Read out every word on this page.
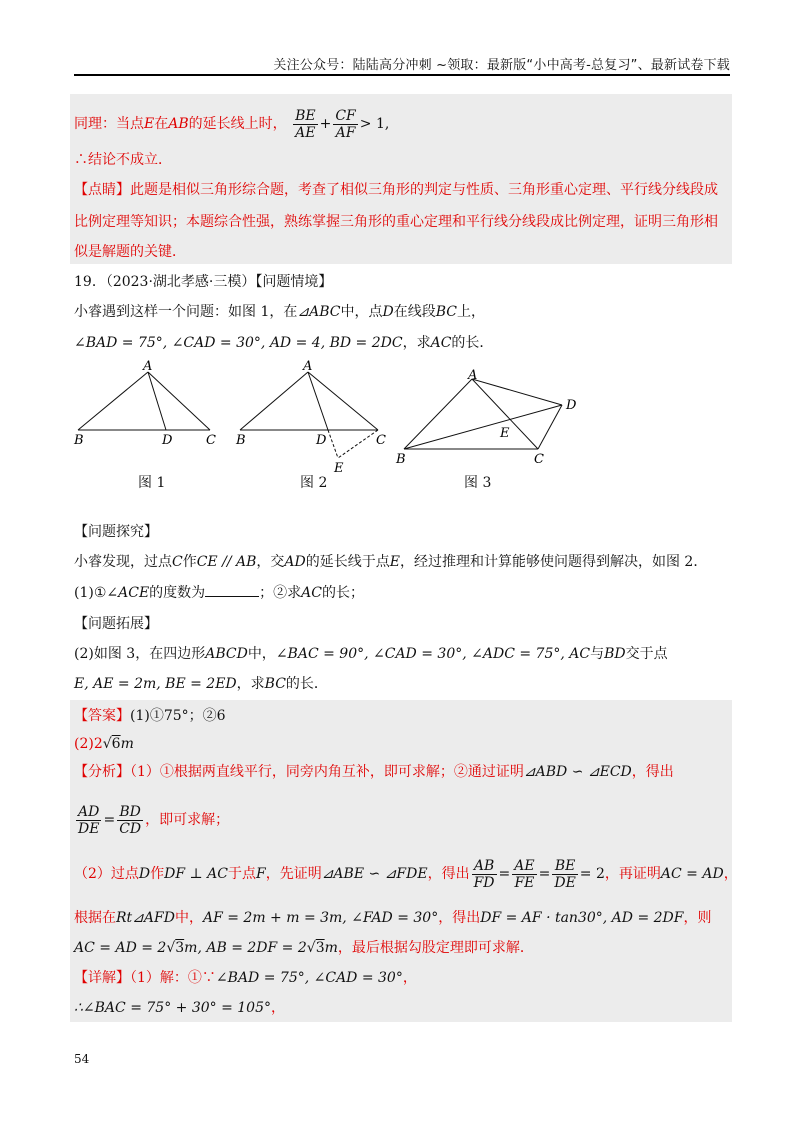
关注公众号：陆陆高分冲刺 ~领取：最新版“小中高考-总复习”、最新试卷下载
同理：当点E在AB的延长线上时， $\frac{BE}{AE} + \frac{CF}{AF} > 1$,
∴结论不成立．
【点睛】此题是相似三角形综合题，考查了相似三角形的判定与性质、三角形重心定理、平行线分线段成
比例定理等知识；本题综合性强，熟练掌握三角形的重心定理和平行线分线段成比例定理，证明三角形相
似是解题的关键．
19．（2023·湖北孝感·三模）【问题情境】
小睿遇到这样一个问题：如图 1，在⊿ABC中，点D在线段BC上，
∠BAD = 75°, ∠CAD = 30°, AD = 4, BD = 2DC，求AC的长．
A
B	D	C
图 1
A
B	D	C
E
图 2
A
D
E
B	C
图 3
【问题探究】
小睿发现，过点C作CE // AB，交AD的延长线于点E，经过推理和计算能够使问题得到解决，如图 2．
(1)①∠ACE的度数为	；②求AC的长；
【问题拓展】
(2)如图 3，在四边形ABCD中，∠BAC = 90°, ∠CAD = 30°, ∠ADC = 75°, AC与BD交于点
E, AE = 2m, BE = 2ED，求BC的长．
【答案】(1)①75°；②6
(2)2√6m
【分析】（1）①根据两直线平行，同旁内角互补，即可求解；②通过证明⊿ABD ∽ ⊿ECD，得出
$\frac{AD}{DE} = \frac{BD}{CD}$ ，即可求解；
（2）过点D作DF ⊥ AC于点F，先证明⊿ABE ∽ ⊿FDE，得出 $\frac{AB}{FD} = \frac{AE}{FE} = \frac{BE}{DE} = 2$，再证明AC = AD，
根据在Rt⊿AFD中，AF = 2m + m = 3m, ∠FAD = 30°，得出DF = AF · tan30°, AD = 2DF，则
AC = AD = 2√3m, AB = 2DF = 2√3m，最后根据勾股定理即可求解．
【详解】（1）解：①∵∠BAD = 75°, ∠CAD = 30°，
∴∠BAC = 75° + 30° = 105°，
54
